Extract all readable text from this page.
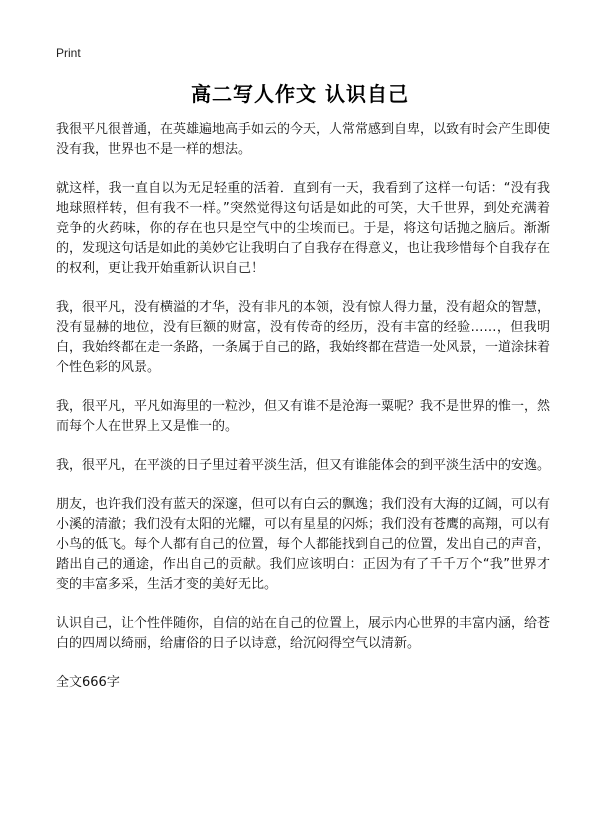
Print
高二写人作文 认识自己

我很平凡很普通，在英雄遍地高手如云的今天，人常常感到自卑，以致有时会产生即使没有我，世界也不是一样的想法。

就这样，我一直自以为无足轻重的活着．直到有一天，我看到了这样一句话：“没有我地球照样转，但有我不一样。”突然觉得这句话是如此的可笑，大千世界，到处充满着竞争的火药味，你的存在也只是空气中的尘埃而已。于是，将这句话抛之脑后。渐渐的，发现这句话是如此的美妙它让我明白了自我存在得意义，也让我珍惜每个自我存在的权利，更让我开始重新认识自己！

我，很平凡，没有横溢的才华，没有非凡的本领，没有惊人得力量，没有超众的智慧，没有显赫的地位，没有巨额的财富，没有传奇的经历，没有丰富的经验……，但我明白，我始终都在走一条路，一条属于自己的路，我始终都在营造一处风景，一道涂抹着个性色彩的风景。

我，很平凡，平凡如海里的一粒沙，但又有谁不是沧海一粟呢？我不是世界的惟一，然而每个人在世界上又是惟一的。

我，很平凡，在平淡的日子里过着平淡生活，但又有谁能体会的到平淡生活中的安逸。

朋友，也许我们没有蓝天的深邃，但可以有白云的飘逸；我们没有大海的辽阔，可以有小溪的清澈；我们没有太阳的光耀，可以有星星的闪烁；我们没有苍鹰的高翔，可以有小鸟的低飞。每个人都有自己的位置，每个人都能找到自己的位置，发出自己的声音，踏出自己的通途，作出自己的贡献。我们应该明白：正因为有了千千万个“我”世界才变的丰富多采，生活才变的美好无比。

认识自己，让个性伴随你，自信的站在自己的位置上，展示内心世界的丰富内涵，给苍白的四周以绮丽，给庸俗的日子以诗意，给沉闷得空气以清新。

全文666字
